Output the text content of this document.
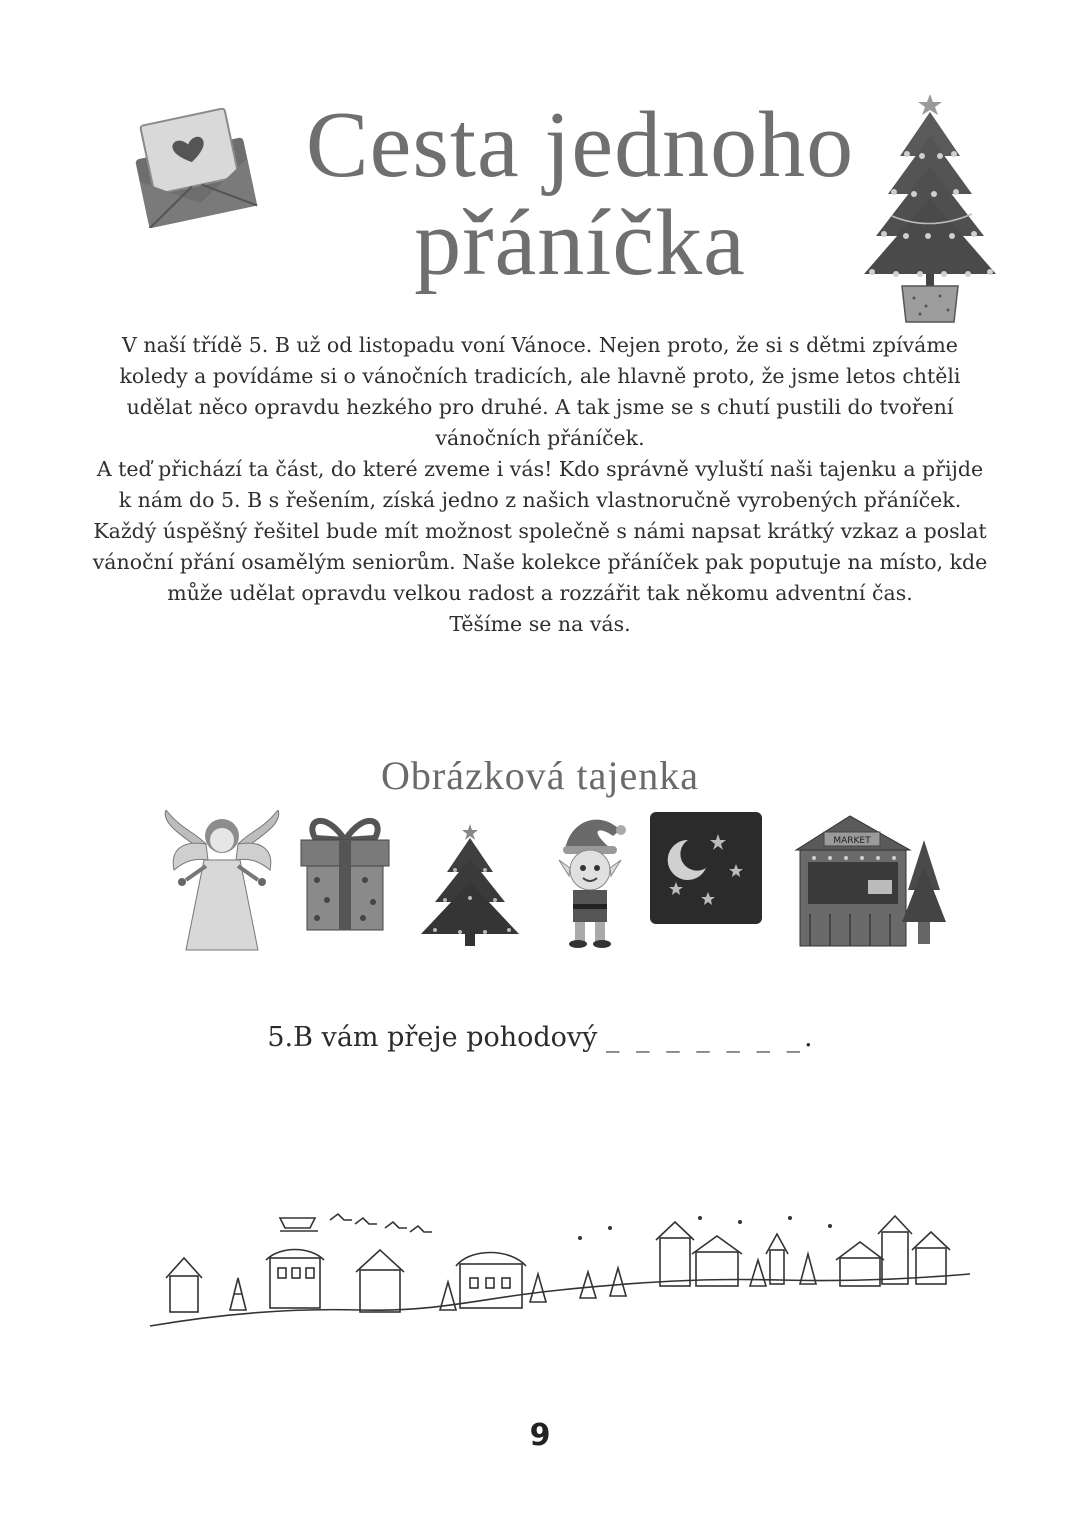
Cesta jednoho
přáníčka

V naší třídě 5. B už od listopadu voní Vánoce. Nejen proto, že si s dětmi zpíváme koledy a povídáme si o vánočních tradicích, ale hlavně proto, že jsme letos chtěli udělat něco opravdu hezkého pro druhé. A tak jsme se s chutí pustili do tvoření vánočních přáníček.

A teď přichází ta část, do které zveme i vás! Kdo správně vyluští naši tajenku a přijde k nám do 5. B s řešením, získá jedno z našich vlastnoručně vyrobených přáníček.

Každý úspěšný řešitel bude mít možnost společně s námi napsat krátký vzkaz a poslat vánoční přání osamělým seniorům. Naše kolekce přáníček pak poputuje na místo, kde může udělat opravdu velkou radost a rozzářit tak někomu adventní čas.

Těšíme se na vás.

Obrázková tajenka
MARKET
5.B vám přeje pohodový _ _ _ _ _ _ _.
9
